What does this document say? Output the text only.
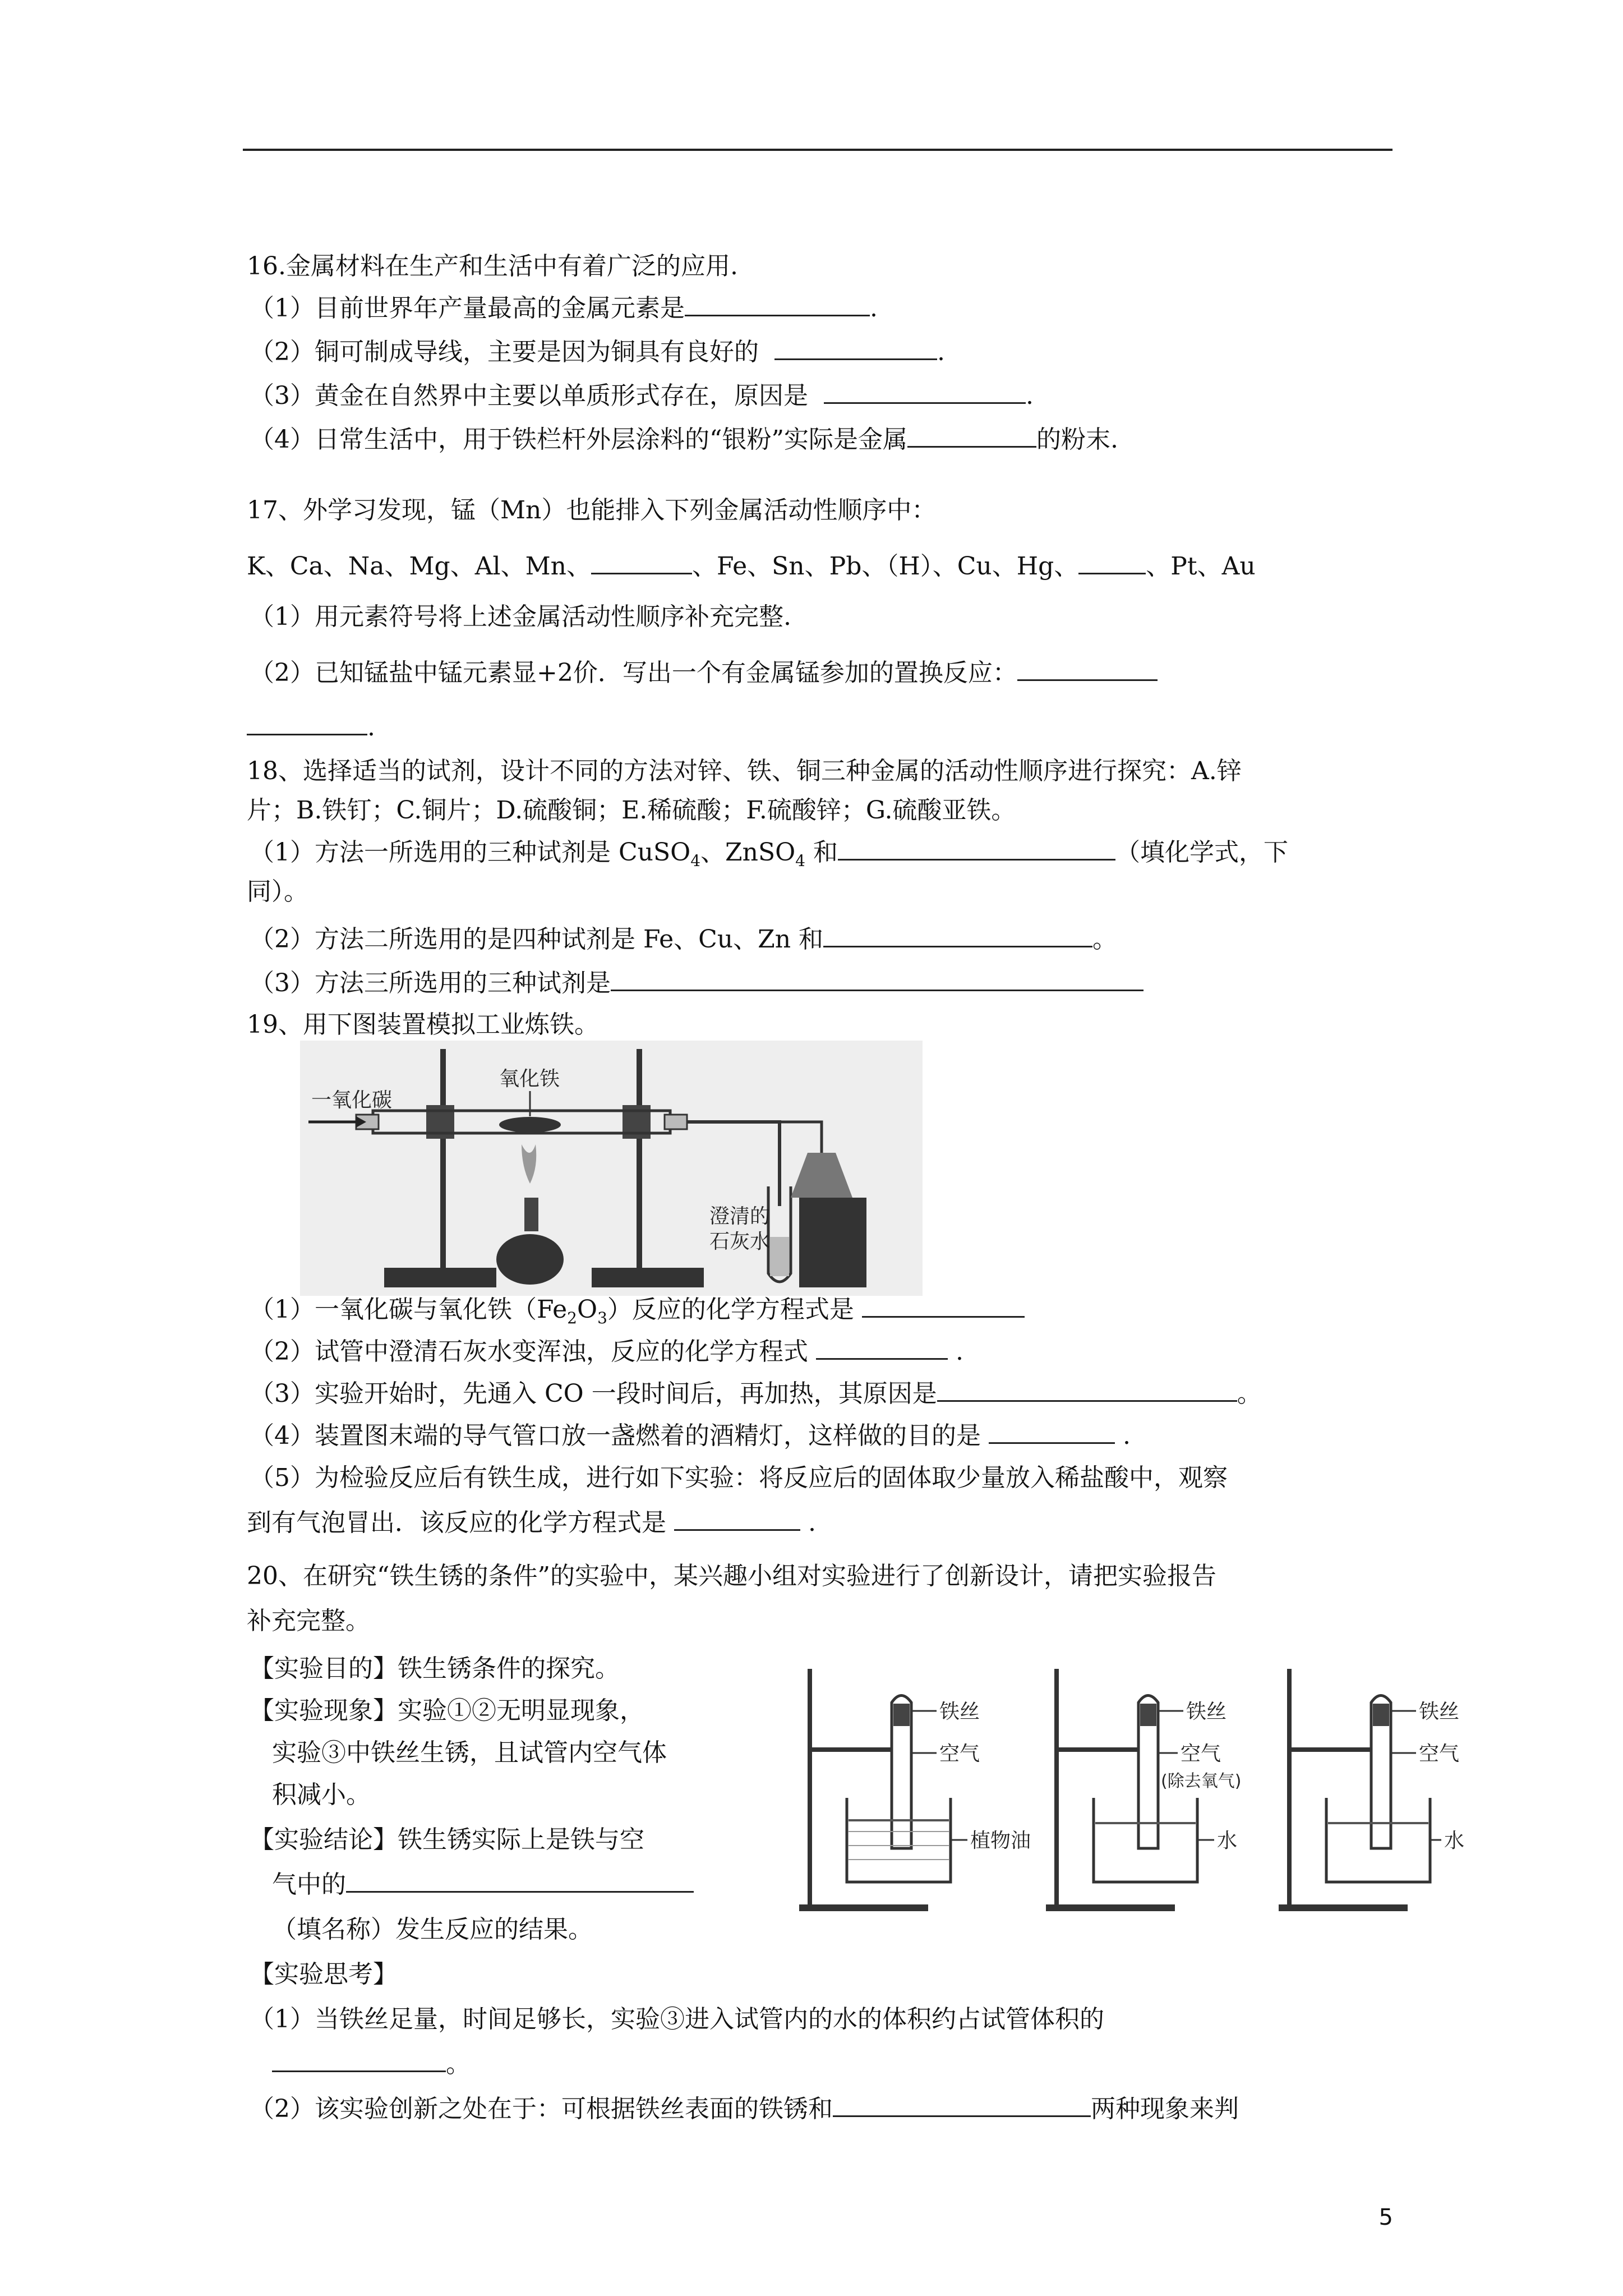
16.金属材料在生产和生活中有着广泛的应用.
（1）目前世界年产量最高的金属元素是	.
（2）铜可制成导线，主要是因为铜具有良好的	.
（3）黄金在自然界中主要以单质形式存在，原因是	.
（4）日常生活中，用于铁栏杆外层涂料的“银粉”实际是金属	的粉末.
17、外学习发现，锰（Mn）也能排入下列金属活动性顺序中：
K、Ca、Na、Mg、Al、Mn、	、Fe、Sn、Pb、（H）、Cu、Hg、	、Pt、Au
（1）用元素符号将上述金属活动性顺序补充完整.
（2）已知锰盐中锰元素显+2价．写出一个有金属锰参加的置换反应：
.
18、选择适当的试剂，设计不同的方法对锌、铁、铜三种金属的活动性顺序进行探究：A.锌
片；B.铁钉；C.铜片；D.硫酸铜；E.稀硫酸；F.硫酸锌；G.硫酸亚铁。
（1）方法一所选用的三种试剂是 CuSO$_4$、ZnSO$_4$ 和	（填化学式，下
同）。
（2）方法二所选用的是四种试剂是 Fe、Cu、Zn 和	。
（3）方法三所选用的三种试剂是
19、用下图装置模拟工业炼铁。
一氧化碳
氧化铁
澄清的
石灰水
（1）一氧化碳与氧化铁$(Fe_2O_3)$反应的化学方程式是
（2）试管中澄清石灰水变浑浊，反应的化学方程式	.
（3）实验开始时，先通入 CO 一段时间后，再加热，其原因是	。
（4）装置图末端的导气管口放一盏燃着的酒精灯，这样做的目的是	.
（5）为检验反应后有铁生成，进行如下实验：将反应后的固体取少量放入稀盐酸中，观察
到有气泡冒出．该反应的化学方程式是	.
20、在研究“铁生锈的条件”的实验中，某兴趣小组对实验进行了创新设计，请把实验报告
补充完整。
【实验目的】铁生锈条件的探究。
【实验现象】实验①②无明显现象，
实验③中铁丝生锈，且试管内空气体
积减小。
【实验结论】铁生锈实际上是铁与空
气中的
（填名称）发生反应的结果。
【实验思考】
（1）当铁丝足量，时间足够长，实验③进入试管内的水的体积约占试管体积的
。
（2）该实验创新之处在于：可根据铁丝表面的铁锈和	两种现象来判
铁丝
空气
植物油
铁丝
空气
(除去氧气)
水
铁丝
空气
水
5
